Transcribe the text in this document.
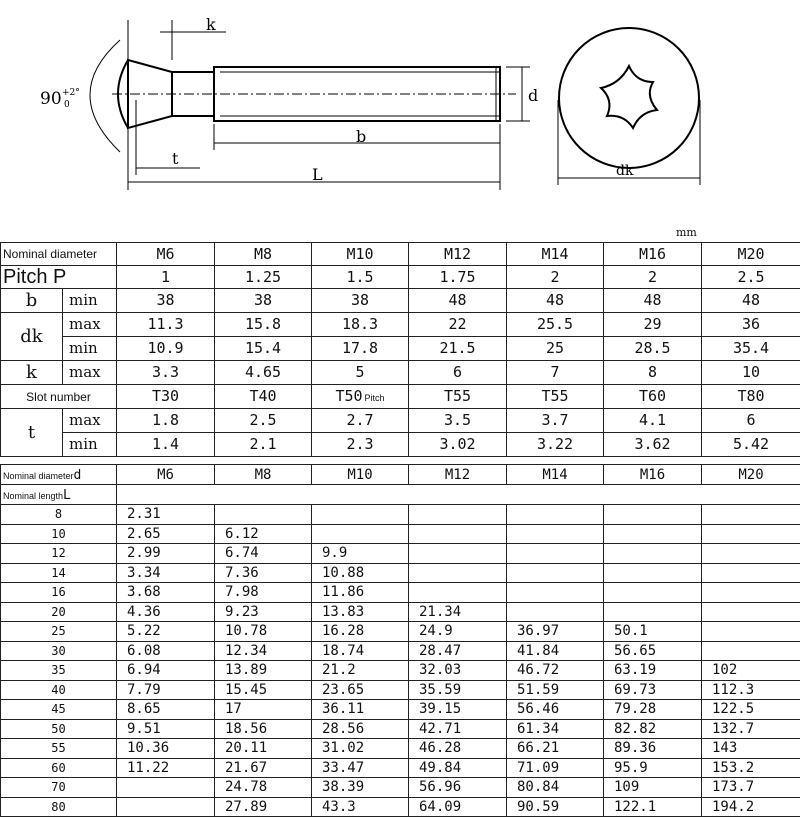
k
90 +2°
0	d
b
t
L	dk
mm
Nominal diameter		M6	M8	M10	M12	M14	M16	M20
Pitch P		1	1.25	1.5	1.75	2	2	2.5
b	min	38	38	38	48	48	48	48
dk	max	11.3	15.8	18.3	22	25.5	29	36
	min	10.9	15.4	17.8	21.5	25	28.5	35.4
k	max	3.3	4.65	5	6	7	8	10
Slot number		T30	T40	T50 Pitch	T55	T55	T60	T80
t	max	1.8	2.5	2.7	3.5	3.7	4.1	6
	min	1.4	2.1	2.3	3.02	3.22	3.62	5.42
Nominal diameterd	M6	M8	M10	M12	M14	M16	M20
Nominal lengthL							
8	2.31						
10	2.65	6.12					
12	2.99	6.74	9.9				
14	3.34	7.36	10.88				
16	3.68	7.98	11.86				
20	4.36	9.23	13.83	21.34			
25	5.22	10.78	16.28	24.9	36.97	50.1	
30	6.08	12.34	18.74	28.47	41.84	56.65	
35	6.94	13.89	21.2	32.03	46.72	63.19	102
40	7.79	15.45	23.65	35.59	51.59	69.73	112.3
45	8.65	17	36.11	39.15	56.46	79.28	122.5
50	9.51	18.56	28.56	42.71	61.34	82.82	132.7
55	10.36	20.11	31.02	46.28	66.21	89.36	143
60	11.22	21.67	33.47	49.84	71.09	95.9	153.2
70		24.78	38.39	56.96	80.84	109	173.7
80		27.89	43.3	64.09	90.59	122.1	194.2
